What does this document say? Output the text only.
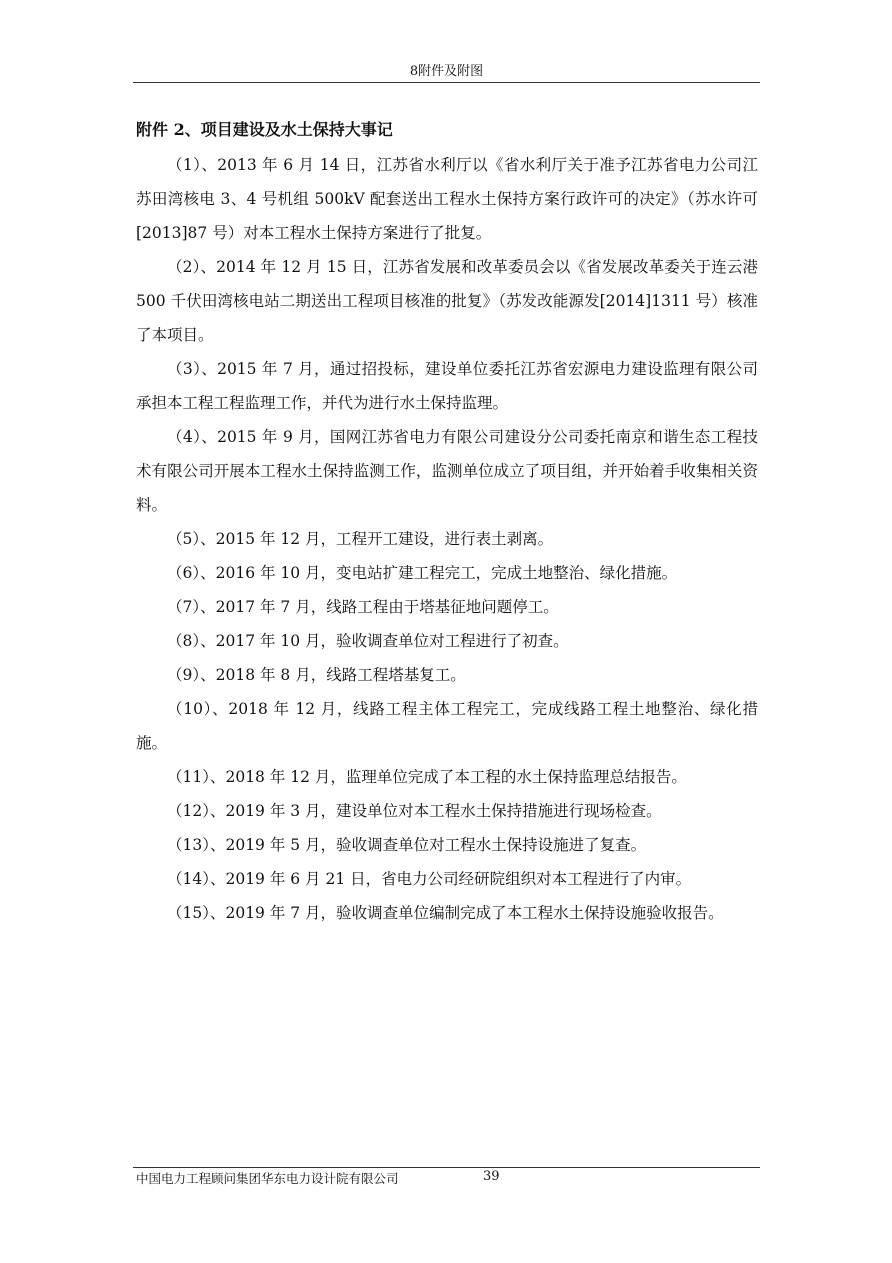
8附件及附图
附件 2、项目建设及水土保持大事记

（1）、2013 年 6 月 14 日，江苏省水利厅以《省水利厅关于准予江苏省电力公司江苏田湾核电 3、4 号机组 500kV 配套送出工程水土保持方案行政许可的决定》（苏水许可[2013]87 号）对本工程水土保持方案进行了批复。

（2）、2014 年 12 月 15 日，江苏省发展和改革委员会以《省发展改革委关于连云港 500 千伏田湾核电站二期送出工程项目核准的批复》（苏发改能源发[2014]1311 号）核准了本项目。

（3）、2015 年 7 月，通过招投标，建设单位委托江苏省宏源电力建设监理有限公司承担本工程工程监理工作，并代为进行水土保持监理。

（4）、2015 年 9 月，国网江苏省电力有限公司建设分公司委托南京和谐生态工程技术有限公司开展本工程水土保持监测工作，监测单位成立了项目组，并开始着手收集相关资料。

（5）、2015 年 12 月，工程开工建设，进行表土剥离。

（6）、2016 年 10 月，变电站扩建工程完工，完成土地整治、绿化措施。

（7）、2017 年 7 月，线路工程由于塔基征地问题停工。

（8）、2017 年 10 月，验收调查单位对工程进行了初查。

（9）、2018 年 8 月，线路工程塔基复工。

（10）、2018 年 12 月，线路工程主体工程完工，完成线路工程土地整治、绿化措施。

（11）、2018 年 12 月，监理单位完成了本工程的水土保持监理总结报告。

（12）、2019 年 3 月，建设单位对本工程水土保持措施进行现场检查。

（13）、2019 年 5 月，验收调查单位对工程水土保持设施进了复查。

（14）、2019 年 6 月 21 日，省电力公司经研院组织对本工程进行了内审。

（15）、2019 年 7 月，验收调查单位编制完成了本工程水土保持设施验收报告。

中国电力工程顾问集团华东电力设计院有限公司	39
